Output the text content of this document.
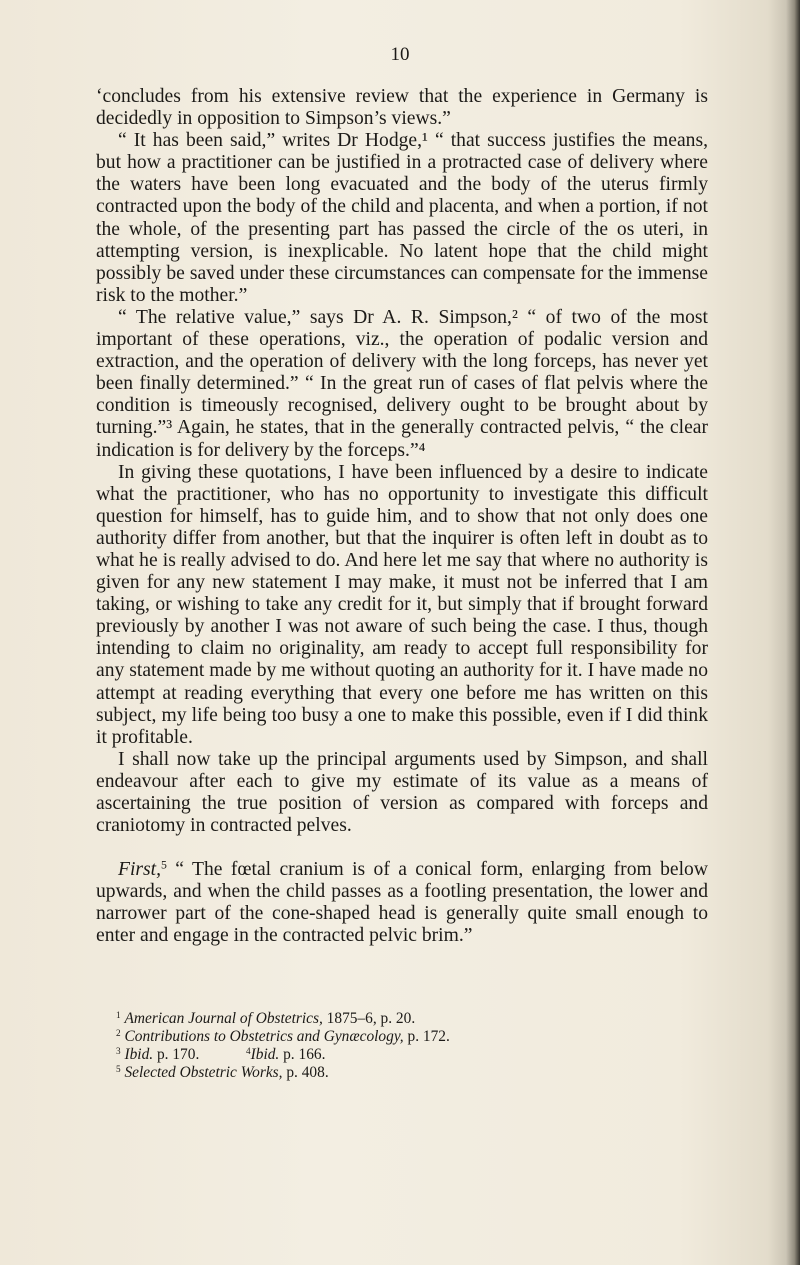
10

‘concludes from his extensive review that the experience in Germany is decidedly in opposition to Simpson’s views.”

“ It has been said,” writes Dr Hodge,¹ “ that success justifies the means, but how a practitioner can be justified in a protracted case of delivery where the waters have been long evacuated and the body of the uterus firmly contracted upon the body of the child and placenta, and when a portion, if not the whole, of the presenting part has passed the circle of the os uteri, in attempting version, is inexplicable. No latent hope that the child might possibly be saved under these circumstances can compensate for the immense risk to the mother.”

“ The relative value,” says Dr A. R. Simpson,² “ of two of the most important of these operations, viz., the operation of podalic version and extraction, and the operation of delivery with the long forceps, has never yet been finally determined.” “ In the great run of cases of flat pelvis where the condition is timeously recognised, delivery ought to be brought about by turning.”³ Again, he states, that in the generally contracted pelvis, “ the clear indication is for delivery by the forceps.”⁴

In giving these quotations, I have been influenced by a desire to indicate what the practitioner, who has no opportunity to investigate this difficult question for himself, has to guide him, and to show that not only does one authority differ from another, but that the inquirer is often left in doubt as to what he is really advised to do. And here let me say that where no authority is given for any new statement I may make, it must not be inferred that I am taking, or wishing to take any credit for it, but simply that if brought forward previously by another I was not aware of such being the case. I thus, though intending to claim no originality, am ready to accept full responsibility for any statement made by me without quoting an authority for it. I have made no attempt at reading everything that every one before me has written on this subject, my life being too busy a one to make this possible, even if I did think it profitable.

I shall now take up the principal arguments used by Simpson, and shall endeavour after each to give my estimate of its value as a means of ascertaining the true position of version as compared with forceps and craniotomy in contracted pelves.

First,$^5$ “ The fœtal cranium is of a conical form, enlarging from below upwards, and when the child passes as a footling presentation, the lower and narrower part of the cone-shaped head is generally quite small enough to enter and engage in the contracted pelvic brim.”

$^1$ American Journal of Obstetrics, 1875–6, p. 20.

$^2$ Contributions to Obstetrics and Gynæcology, p. 172.

$^3$ Ibid. p. 170.	$^4$Ibid. p. 166.

$^5$ Selected Obstetric Works, p. 408.
